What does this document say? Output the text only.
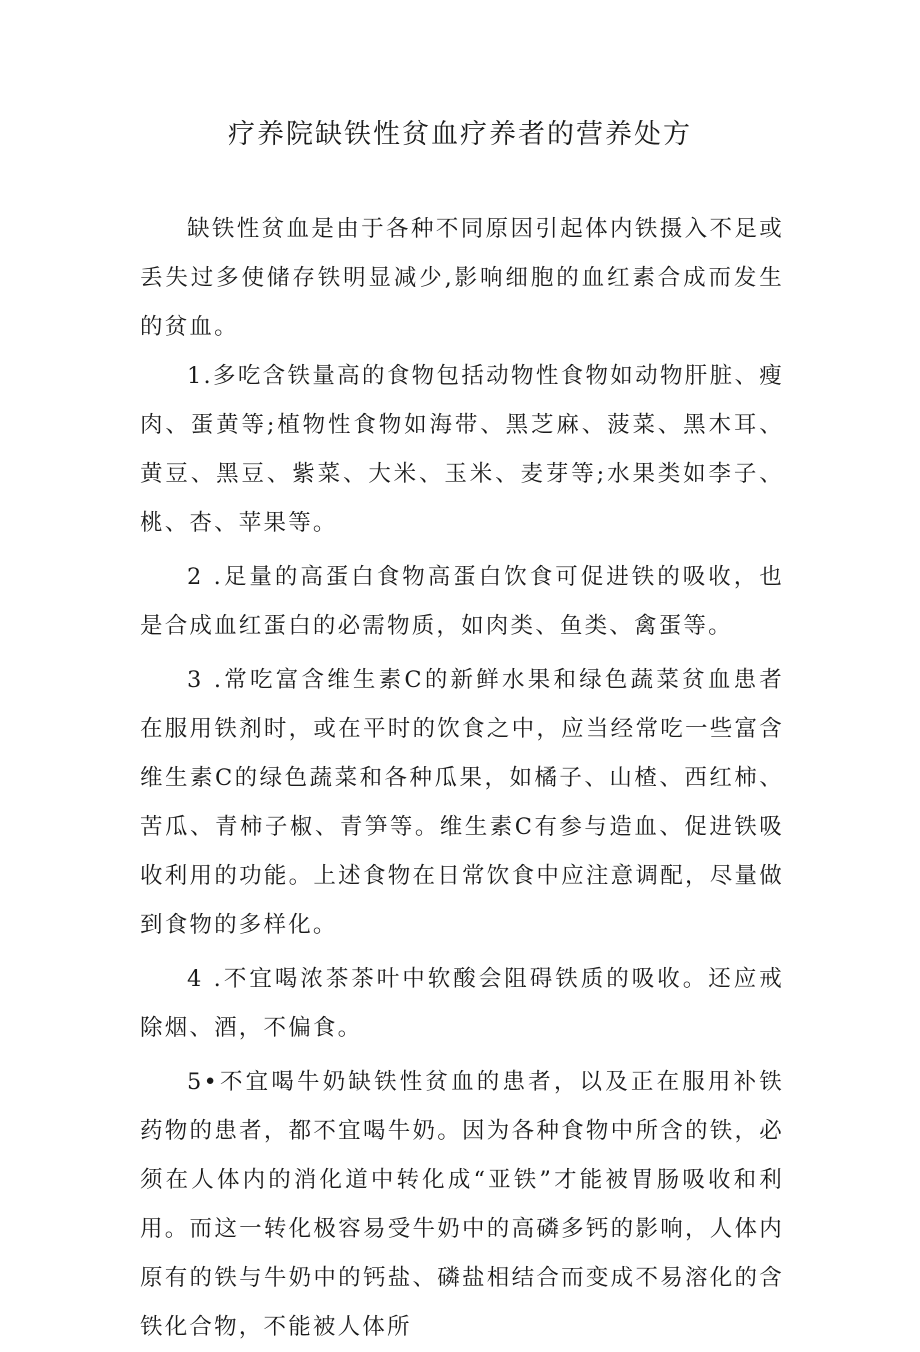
疗养院缺铁性贫血疗养者的营养处方

缺铁性贫血是由于各种不同原因引起体内铁摄入不足或丢失过多使储存铁明显减少,影响细胞的血红素合成而发生的贫血。

1.多吃含铁量高的食物包括动物性食物如动物肝脏、瘦肉、蛋黄等;植物性食物如海带、黑芝麻、菠菜、黑木耳、黄豆、黑豆、紫菜、大米、玉米、麦芽等;水果类如李子、桃、杏、苹果等。

2 .足量的高蛋白食物高蛋白饮食可促进铁的吸收，也是合成血红蛋白的必需物质，如肉类、鱼类、禽蛋等。

3 .常吃富含维生素C的新鲜水果和绿色蔬菜贫血患者在服用铁剂时，或在平时的饮食之中，应当经常吃一些富含维生素C的绿色蔬菜和各种瓜果，如橘子、山楂、西红柿、苦瓜、青柿子椒、青笋等。维生素C有参与造血、促进铁吸收利用的功能。上述食物在日常饮食中应注意调配，尽量做到食物的多样化。

4 .不宜喝浓茶茶叶中软酸会阻碍铁质的吸收。还应戒除烟、酒，不偏食。

5•不宜喝牛奶缺铁性贫血的患者，以及正在服用补铁药物的患者，都不宜喝牛奶。因为各种食物中所含的铁，必须在人体内的消化道中转化成“亚铁”才能被胃肠吸收和利用。而这一转化极容易受牛奶中的高磷多钙的影响，人体内原有的铁与牛奶中的钙盐、磷盐相结合而变成不易溶化的含铁化合物，不能被人体所
